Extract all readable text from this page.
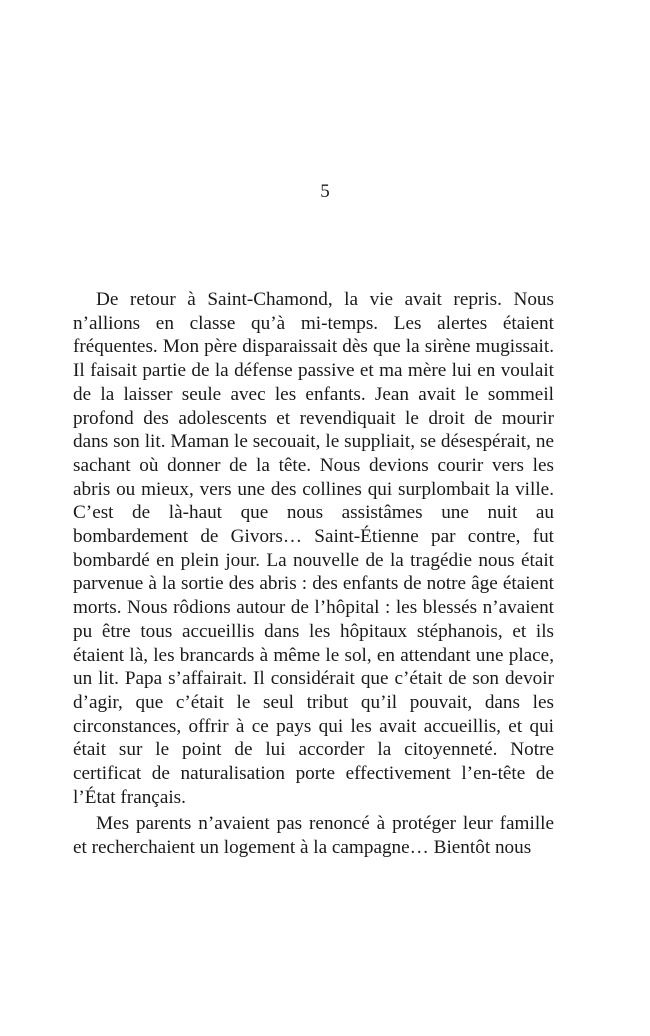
5

De retour à Saint-Chamond, la vie avait repris. Nous n’allions en classe qu’à mi-temps. Les alertes étaient fréquentes. Mon père disparaissait dès que la sirène mugissait. Il faisait partie de la défense passive et ma mère lui en voulait de la laisser seule avec les enfants. Jean avait le sommeil profond des adolescents et revendiquait le droit de mourir dans son lit. Maman le secouait, le suppliait, se désespérait, ne sachant où donner de la tête. Nous devions courir vers les abris ou mieux, vers une des collines qui surplombait la ville. C’est de là-haut que nous assistâmes une nuit au bombardement de Givors… Saint-Étienne par contre, fut bombardé en plein jour. La nouvelle de la tragédie nous était parvenue à la sortie des abris : des enfants de notre âge étaient morts. Nous rôdions autour de l’hôpital : les blessés n’avaient pu être tous accueillis dans les hôpitaux stéphanois, et ils étaient là, les brancards à même le sol, en attendant une place, un lit. Papa s’affairait. Il considérait que c’était de son devoir d’agir, que c’était le seul tribut qu’il pouvait, dans les circonstances, offrir à ce pays qui les avait accueillis, et qui était sur le point de lui accorder la citoyenneté. Notre certificat de naturalisation porte effectivement l’en-tête de l’État français.

Mes parents n’avaient pas renoncé à protéger leur famille et recherchaient un logement à la campagne… Bientôt nous
